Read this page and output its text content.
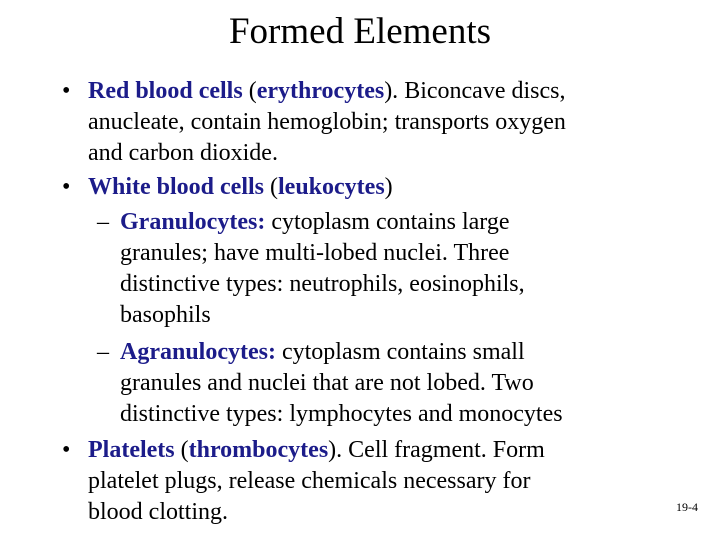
Formed Elements
• Red blood cells (erythrocytes). Biconcave discs,
anucleate, contain hemoglobin; transports oxygen
and carbon dioxide.
• White blood cells (leukocytes)
– Granulocytes: cytoplasm contains large
granules; have multi-lobed nuclei. Three
distinctive types: neutrophils, eosinophils,
basophils
– Agranulocytes: cytoplasm contains small
granules and nuclei that are not lobed. Two
distinctive types: lymphocytes and monocytes
• Platelets (thrombocytes). Cell fragment. Form
platelet plugs, release chemicals necessary for
blood clotting.	19-4
